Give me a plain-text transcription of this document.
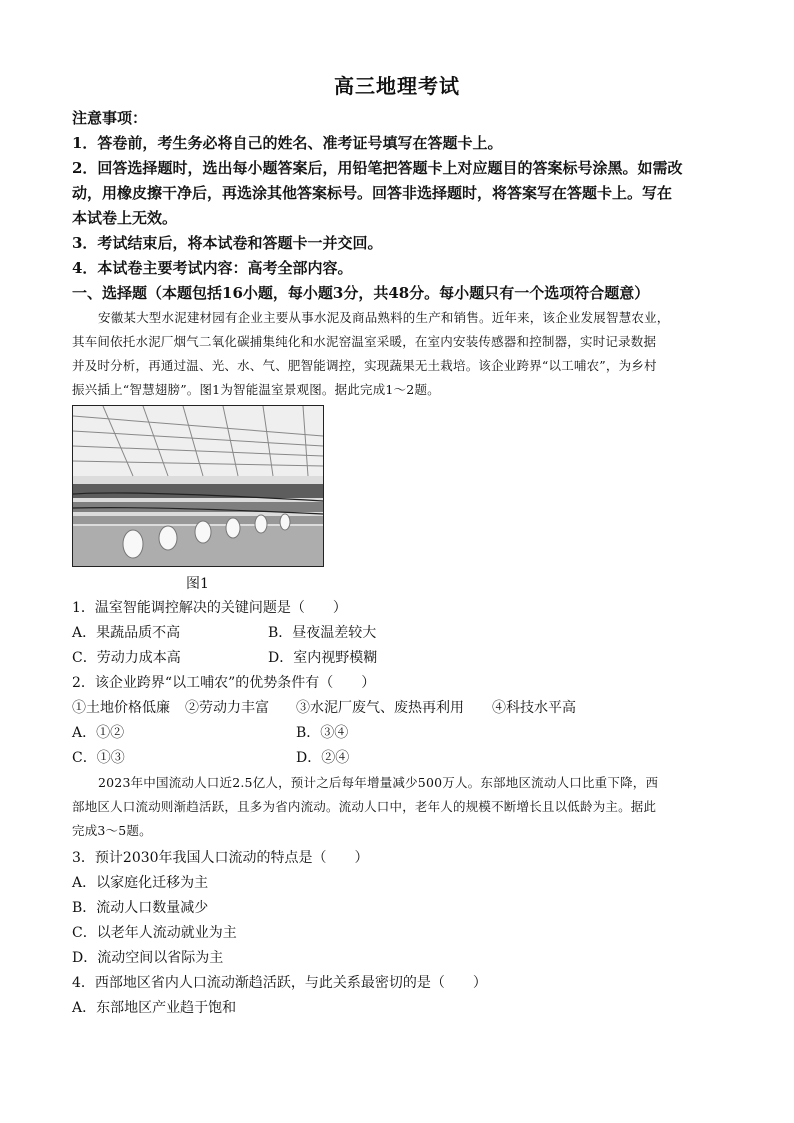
高三地理考试
注意事项：
1．答卷前，考生务必将自己的姓名、准考证号填写在答题卡上。
2．回答选择题时，选出每小题答案后，用铅笔把答题卡上对应题目的答案标号涂黑。如需改
动，用橡皮擦干净后，再选涂其他答案标号。回答非选择题时，将答案写在答题卡上。写在
本试卷上无效。
3．考试结束后，将本试卷和答题卡一并交回。
4．本试卷主要考试内容：高考全部内容。
一、选择题（本题包括16小题，每小题3分，共48分。每小题只有一个选项符合题意）
安徽某大型水泥建材园有企业主要从事水泥及商品熟料的生产和销售。近年来，该企业发展智慧农业，
其车间依托水泥厂烟气二氧化碳捕集纯化和水泥窑温室采暖，在室内安装传感器和控制器，实时记录数据
并及时分析，再通过温、光、水、气、肥智能调控，实现蔬果无土栽培。该企业跨界“以工哺农”，为乡村
振兴插上“智慧翅膀”。图1为智能温室景观图。据此完成1～2题。
图1
1．温室智能调控解决的关键问题是（　　）
A．果蔬品质不高	B．昼夜温差较大
C．劳动力成本高	D．室内视野模糊
2．该企业跨界“以工哺农”的优势条件有（　　）
①土地价格低廉 ②劳动力丰富 ③水泥厂废气、废热再利用 ④科技水平高
A．①②	B．③④
C．①③	D．②④
2023年中国流动人口近2.5亿人，预计之后每年增量减少500万人。东部地区流动人口比重下降，西
部地区人口流动则渐趋活跃，且多为省内流动。流动人口中，老年人的规模不断增长且以低龄为主。据此
完成3～5题。
3．预计2030年我国人口流动的特点是（　　）
A．以家庭化迁移为主
B．流动人口数量减少
C．以老年人流动就业为主
D．流动空间以省际为主
4．西部地区省内人口流动渐趋活跃，与此关系最密切的是（　　）
A．东部地区产业趋于饱和
